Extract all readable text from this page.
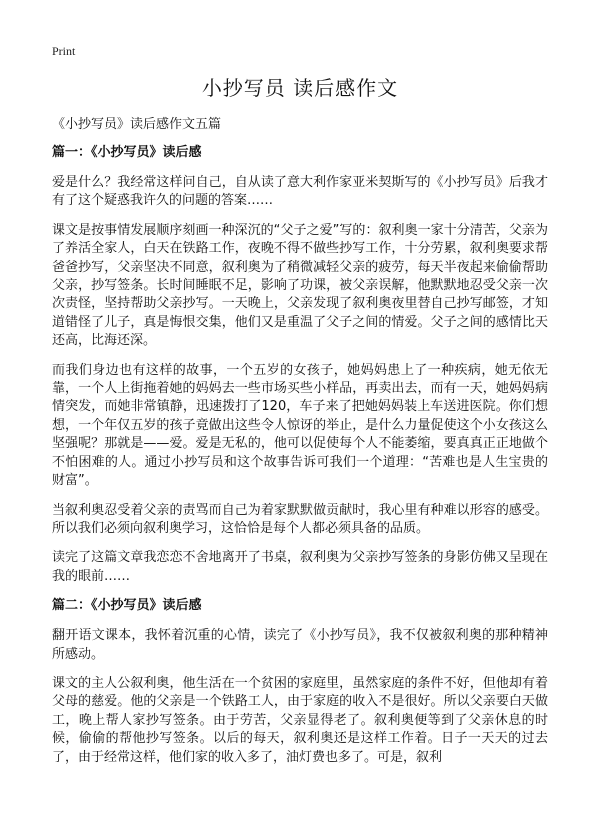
Print
小抄写员 读后感作文
《小抄写员》读后感作文五篇
篇一：《小抄写员》读后感

爱是什么？我经常这样问自己，自从读了意大利作家亚米契斯写的《小抄写员》后我才有了这个疑惑我许久的问题的答案……

课文是按事情发展顺序刻画一种深沉的“父子之爱”写的：叙利奥一家十分清苦，父亲为了养活全家人，白天在铁路工作，夜晚不得不做些抄写工作，十分劳累，叙利奥要求帮爸爸抄写，父亲坚决不同意，叙利奥为了稍微减轻父亲的疲劳，每天半夜起来偷偷帮助父亲，抄写签条。长时间睡眠不足，影响了功课，被父亲误解，他默默地忍受父亲一次次责怪，坚持帮助父亲抄写。一天晚上，父亲发现了叙利奥夜里替自己抄写邮签，才知道错怪了儿子，真是悔恨交集，他们又是重温了父子之间的情爱。父子之间的感情比天还高，比海还深。

而我们身边也有这样的故事，一个五岁的女孩子，她妈妈患上了一种疾病，她无依无靠，一个人上街拖着她的妈妈去一些市场买些小样品，再卖出去，而有一天，她妈妈病情突发，而她非常镇静，迅速拨打了120，车子来了把她妈妈装上车送进医院。你们想想，一个年仅五岁的孩子竟做出这些令人惊讶的举止，是什么力量促使这个小女孩这么坚强呢？那就是——爱。爱是无私的，他可以促使每个人不能萎缩，要真真正正地做个不怕困难的人。通过小抄写员和这个故事告诉可我们一个道理：“苦难也是人生宝贵的财富”。

当叙利奥忍受着父亲的责骂而自己为着家默默做贡献时，我心里有种难以形容的感受。所以我们必须向叙利奥学习，这恰恰是每个人都必须具备的品质。

读完了这篇文章我恋恋不舍地离开了书桌，叙利奥为父亲抄写签条的身影仿佛又呈现在我的眼前……

篇二：《小抄写员》读后感

翻开语文课本，我怀着沉重的心情，读完了《小抄写员》，我不仅被叙利奥的那种精神所感动。

课文的主人公叙利奥，他生活在一个贫困的家庭里，虽然家庭的条件不好，但他却有着父母的慈爱。他的父亲是一个铁路工人，由于家庭的收入不是很好。所以父亲要白天做工，晚上帮人家抄写签条。由于劳苦，父亲显得老了。叙利奥便等到了父亲休息的时候，偷偷的帮他抄写签条。以后的每天，叙利奥还是这样工作着。日子一天天的过去了，由于经常这样，他们家的收入多了，油灯费也多了。可是，叙利
